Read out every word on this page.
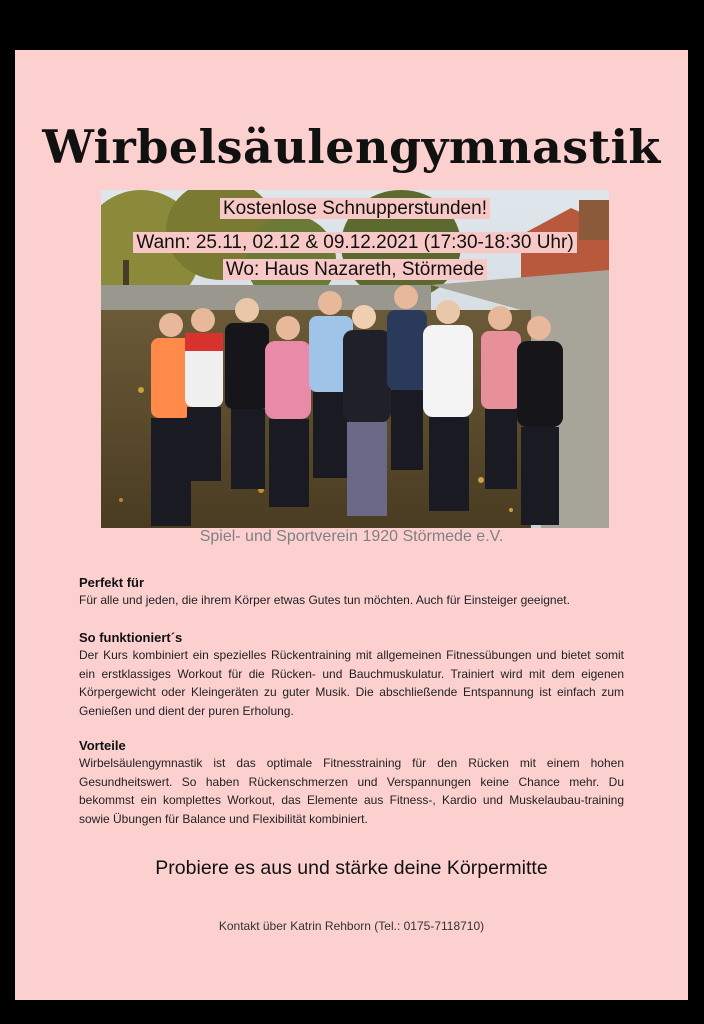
Wirbelsäulengymnastik
Kostenlose Schnupperstunden!
Wann: 25.11, 02.12 & 09.12.2021 (17:30-18:30 Uhr)
Wo: Haus Nazareth, Störmede
Spiel- und Sportverein 1920 Störmede e.V.
Perfekt für

Für alle und jeden, die ihrem Körper etwas Gutes tun möchten. Auch für Einsteiger geeignet.

So funktioniert´s

Der Kurs kombiniert ein spezielles Rückentraining mit allgemeinen Fitnessübungen und bietet somit ein erstklassiges Workout für die Rücken- und Bauchmuskulatur. Trainiert wird mit dem eigenen Körpergewicht oder Kleingeräten zu guter Musik. Die abschließende Entspannung ist einfach zum Genießen und dient der puren Erholung.

Vorteile

Wirbelsäulengymnastik ist das optimale Fitnesstraining für den Rücken mit einem hohen Gesundheitswert. So haben Rückenschmerzen und Verspannungen keine Chance mehr. Du bekommst ein komplettes Workout, das Elemente aus Fitness-, Kardio und Muskelaubau-training sowie Übungen für Balance und Flexibilität kombiniert.

Probiere es aus und stärke deine Körpermitte
Kontakt über Katrin Rehborn (Tel.: 0175-7118710)
